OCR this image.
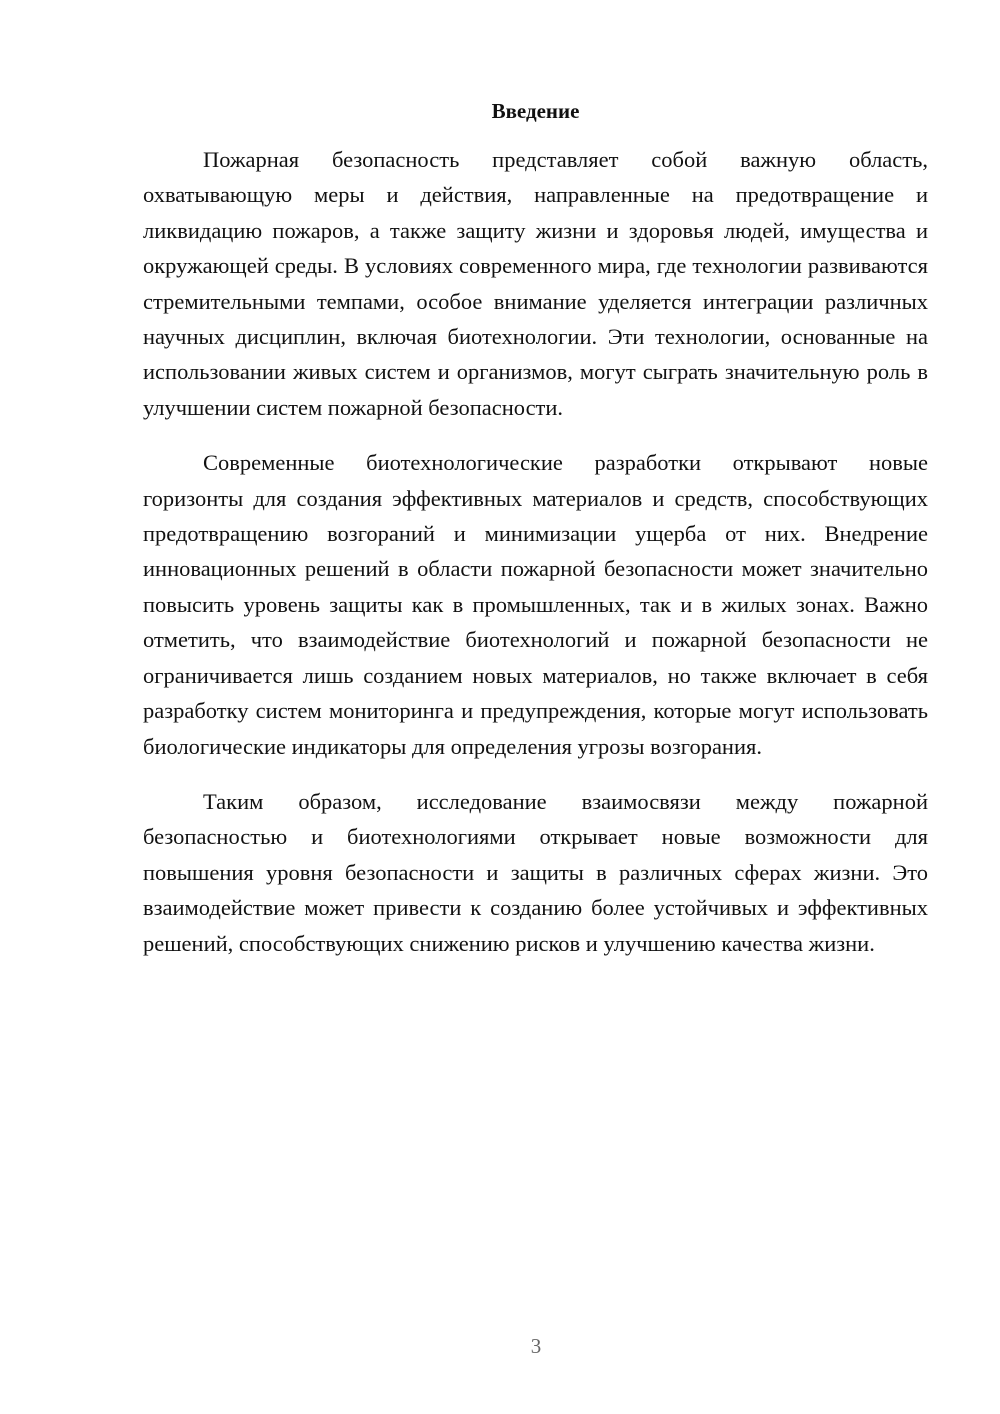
Введение

Пожарная безопасность представляет собой важную область, охватывающую меры и действия, направленные на предотвращение и ликвидацию пожаров, а также защиту жизни и здоровья людей, имущества и окружающей среды. В условиях современного мира, где технологии развиваются стремительными темпами, особое внимание уделяется интеграции различных научных дисциплин, включая биотехнологии. Эти технологии, основанные на использовании живых систем и организмов, могут сыграть значительную роль в улучшении систем пожарной безопасности.

Современные биотехнологические разработки открывают новые горизонты для создания эффективных материалов и средств, способствующих предотвращению возгораний и минимизации ущерба от них. Внедрение инновационных решений в области пожарной безопасности может значительно повысить уровень защиты как в промышленных, так и в жилых зонах. Важно отметить, что взаимодействие биотехнологий и пожарной безопасности не ограничивается лишь созданием новых материалов, но также включает в себя разработку систем мониторинга и предупреждения, которые могут использовать биологические индикаторы для определения угрозы возгорания.

Таким образом, исследование взаимосвязи между пожарной безопасностью и биотехнологиями открывает новые возможности для повышения уровня безопасности и защиты в различных сферах жизни. Это взаимодействие может привести к созданию более устойчивых и эффективных решений, способствующих снижению рисков и улучшению качества жизни.

3
